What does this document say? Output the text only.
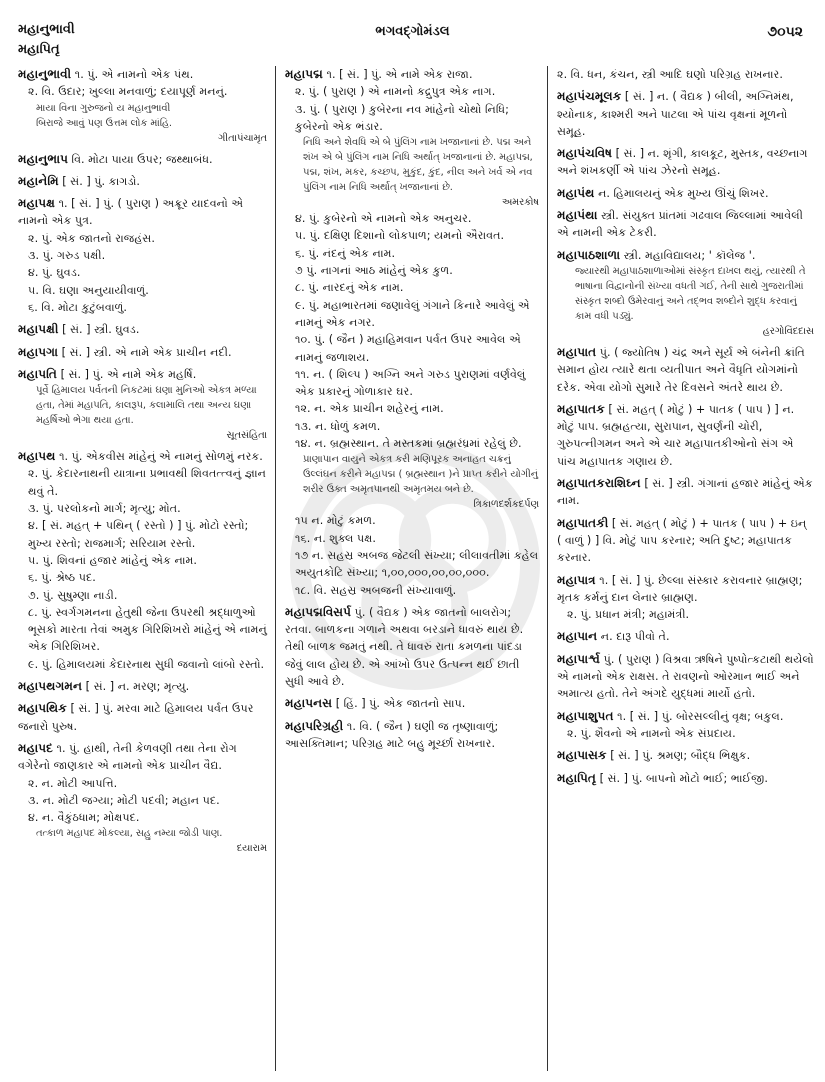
મહાનુભાવી
મહાપિતૃ
ભગવદ્ગોમંડલ	૭૦૫૨
મહાનુભાવી ૧. પું. એ નામનો એક પંથ.
૨. વિ. ઉદાર; ખુલ્લા મનવાળું; દયાપૂર્ણ મનનું.
માયા વિના ગુરુજનો ય મહાનુભાવી
બિરાજે આવું પણ ઉત્તમ લોક માંહિ.
ગીતાપંચામૃત
મહાનુભાપ વિ. મોટા પાયા ઉપર; જથ્થાબંધ.
મહાનેમિ [ સં. ] પું. કાગડો.
મહાપક્ષ ૧. [ સં. ] પું. ( પુરાણ ) અક્રૂર યાદવનો એ નામનો એક પુત્ર.
૨. પું. એક જાતનો રાજહંસ.
૩. પું. ગરુડ પક્ષી.
૪. પું. ઘુવડ.
૫. વિ. ઘણા અનુયાયીવાળું.
૬. વિ. મોટા કુટુંબવાળું.
મહાપક્ષી [ સં. ] સ્ત્રી. ઘુવડ.
મહાપગા [ સં. ] સ્ત્રી. એ નામે એક પ્રાચીન નદી.
મહાપતિ [ સં. ] પું. એ નામે એક મહર્ષિ.
પૂર્વે હિમાલય પર્વતની નિકટમાં ઘણા મુનિઓ એકત્ર મળ્યા હતા, તેમાં મહાપતિ, કાલરૂપ, કલામાલિ તથા અન્ય ઘણા મહર્ષિઓ ભેગા થયા હતા.
સૂતસંહિતા
મહાપથ ૧. પું. એકવીસ માંહેનું એ નામનું સોળમું નરક.
૨. પું. કેદારનાથની યાત્રાના પ્રભાવથી શિવતત્ત્વનું જ્ઞાન થવું તે.
૩. પું. પરલોકનો માર્ગ; મૃત્યુ; મોત.
૪. [ સં. મહત્ + પથિન્ ( રસ્તો ) ] પું. મોટો રસ્તો; મુખ્ય રસ્તો; રાજમાર્ગ; સરિયામ રસ્તો.
૫. પું. શિવનાં હજાર માંહેનું એક નામ.
૬. પું. શ્રેષ્ઠ પદ.
૭. પું. સુષુમ્ણા નાડી.
૮. પું. સ્વર્ગગમનના હેતુથી જેના ઉપરથી શ્રદ્ધાળુઓ ભૂસકો મારતા તેવાં અમુક ગિરિશિખરો માંહેનું એ નામનું એક ગિરિશિખર.
૯. પું. હિમાલયમાં કેદારનાથ સુધી જવાનો લાંબો રસ્તો.
મહાપથગમન [ સં. ] ન. મરણ; મૃત્યુ.
મહાપથિક [ સં. ] પું. મરવા માટે હિમાલય પર્વત ઉપર જનારો પુરુષ.
મહાપદ ૧. પું. હાથી, તેની કેળવણી તથા તેના રોગ વગેરેનો જાણકાર એ નામનો એક પ્રાચીન વૈદ્ય.
૨. ન. મોટી આપત્તિ.
૩. ન. મોટી જગ્યા; મોટી પદવી; મહાન પદ.
૪. ન. વૈકુંઠધામ; મોક્ષપદ.
તત્કાળ મહાપદ મોકલ્યા, સહુ નમ્યા જોડી પાણ.
દયારામ
મહાપદ્મ ૧. [ સં. ] પું. એ નામે એક રાજા.
૨. પું. ( પુરાણ ) એ નામનો કદ્રુપુત્ર એક નાગ.
૩. પું. ( પુરાણ ) કુબેરના નવ માંહેનો ચોથો નિધિ; કુબેરનો એક ભંડાર.
નિધિ અને શેવધિ એ બે પુંલિંગ નામ ખજાનાનાં છે. પદ્મ અને શંખ એ બે પુંલિંગ નામ નિધિ અર્થાત્ ખજાનાનાં છે. મહાપદ્મ, પદ્મ, શંખ, મકર, કચ્છપ, મુકુંદ, કુંદ, નીલ અને ખર્વ એ નવ પુંલિંગ નામ નિધિ અર્થાત્ ખજાનાનાં છે.
અમરકોષ
૪. પું. કુબેરનો એ નામનો એક અનુચર.
૫. પું. દક્ષિણ દિશાનો લોકપાળ; યમનો ઐરાવત.
૬. પું. નંદનું એક નામ.
૭ પું. નાગનાં આઠ માંહેનું એક કુળ.
૮. પું. નારદનું એક નામ.
૯. પું. મહાભારતમાં જણાવેલું ગંગાને કિનારે આવેલું એ નામનું એક નગર.
૧૦. પું. ( જૈન ) મહાહિમવાન પર્વત ઉપર આવેલ એ નામનું જળાશય.
૧૧. ન. ( શિલ્પ ) અગ્નિ અને ગરુડ પુરાણમાં વર્ણવેલું એક પ્રકારનું ગોળાકાર ઘર.
૧૨. ન. એક પ્રાચીન શહેરનું નામ.
૧૩. ન. ધોળું કમળ.
૧૪. ન. બ્રહ્મસ્થાન. તે મસ્તકમાં બ્રહ્મરંધ્રમાં રહેલું છે.
પ્રાણાપાન વાયુને એકત્ર કરી મણિપૂરક અનાહત ચક્રનું ઉલ્લંઘન કરીને મહાપદ્મ ( બ્રહ્મસ્થાન )ને પ્રાપ્ત કરીને યોગીનું શરીર ઉક્ત અમૃતપાનથી અમૃતમય બને છે.
ત્રિકાળદર્શકદર્પણ
૧૫ ન. મોટું કમળ.
૧૬. ન. શુક્લ પક્ષ.
૧૭ ન. સહસ્ર અબજ જેટલી સંખ્યા; લીલાવતીમાં કહેલ અયુતકોટિ સંખ્યા; ૧,૦૦,૦૦૦,૦૦,૦૦,૦૦૦.
૧૮. વિ. સહસ્ર અબજની સંખ્યાવાળું.
મહાપદ્મવિસર્પ પું. ( વૈદ્યક ) એક જાતનો બાલરોગ; રતવા. બાળકના ગળાને અથવા બરડાને ધાવરું થાય છે. તેથી બાળક જમતું નથી. તે ધાવરું રાતા કમળના પાંદડા જેવું લાલ હોય છે. એ આંખો ઉપર ઉત્પન્ન થઈ છાતી સુધી આવે છે.
મહાપનસ [ હિં. ] પું. એક જાતનો સાપ.
મહાપરિગ્રહી ૧. વિ. ( જૈન ) ઘણી જ તૃષ્ણાવાળું; આસક્તિમાન; પરિગ્રહ માટે બહુ મૂર્ચ્છા રાખનાર.
૨. વિ. ધન, કંચન, સ્ત્રી આદિ ઘણો પરિગ્રહ રાખનાર.
મહાપંચમૂલક [ સં. ] ન. ( વૈદ્યક ) બીલી, અગ્નિમંથ, શ્યોનાક, કાશ્મરી અને પાટલા એ પાંચ વૃક્ષનાં મૂળનો સમૂહ.
મહાપંચવિષ [ સં. ] ન. શૃંગી, કાલકૂટ, મુસ્તક, વચ્છનાગ અને શંખકર્ણી એ પાંચ ઝેરનો સમૂહ.
મહાપંથ ન. હિમાલયનું એક મુખ્ય ઊંચું શિખર.
મહાપંથા સ્ત્રી. સંયુક્ત પ્રાંતમાં ગઢવાલ જિલ્લામાં આવેલી એ નામની એક ટેકરી.
મહાપાઠશાળા સ્ત્રી. મહાવિદ્યાલય; ' કૉલેજ '.
જ્યારથી મહાપાઠશાળાઓમાં સંસ્કૃત દાખલ થયું, ત્યારથી તે ભાષાના વિદ્વાનોની સંખ્યા વધતી ગઈ, તેની સાથે ગુજરાતીમાં સંસ્કૃત શબ્દો ઉમેરવાનું અને તદ્ભવ શબ્દોને શુદ્ધ કરવાનું કામ વધી પડ્યું.
હરગોવિંદદાસ
મહાપાત પું. ( જ્યોતિષ ) ચંદ્ર અને સૂર્ય એ બંનેની ક્રાંતિ સમાન હોય ત્યારે થતા વ્યતીપાત અને વૈધૃતિ યોગમાંનો દરેક. એવા યોગો સુમારે તેર દિવસને અંતરે થાય છે.
મહાપાતક [ સં. મહત્ ( મોટું ) + પાતક ( પાપ ) ] ન. મોટું પાપ. બ્રહ્મહત્યા, સુરાપાન, સુવર્ણની ચોરી, ગુરુપત્નીગમન અને એ ચાર મહાપાતકીઓનો સંગ એ પાંચ મહાપાતક ગણાય છે.
મહાપાતકરાશિઘ્ન [ સં. ] સ્ત્રી. ગંગાનાં હજાર માંહેનું એક નામ.
મહાપાતકી [ સં. મહત્ ( મોટું ) + પાતક ( પાપ ) + ઇન્ ( વાળું ) ] વિ. મોટું પાપ કરનાર; અતિ દુષ્ટ; મહાપાતક કરનાર.
મહાપાત્ર ૧. [ સં. ] પું. છેલ્લા સંસ્કાર કરાવનાર બ્રાહ્મણ; મૃતક કર્મનું દાન લેનાર બ્રાહ્મણ.
૨. પું. પ્રધાન મંત્રી; મહામંત્રી.
મહાપાન ન. દારૂ પીવો તે.
મહાપાર્શ્વ પું. ( પુરાણ ) વિશ્રવા ઋષિને પુષ્પોત્કટાથી થયેલો એ નામનો એક રાક્ષસ. તે રાવણનો ઓરમાન ભાઈ અને અમાત્ય હતો. તેને અંગદે યુદ્ધમાં માર્યો હતો.
મહાપાશુપત ૧. [ સં. ] પું. બોરસલ્લીનું વૃક્ષ; બકુલ.
૨. પું. શૈવનો એ નામનો એક સંપ્રદાય.
મહાપાસક [ સં. ] પું. શ્રમણ; બૌદ્ધ ભિક્ષુક.
મહાપિતૃ [ સં. ] પું. બાપનો મોટો ભાઈ; ભાઈજી.
